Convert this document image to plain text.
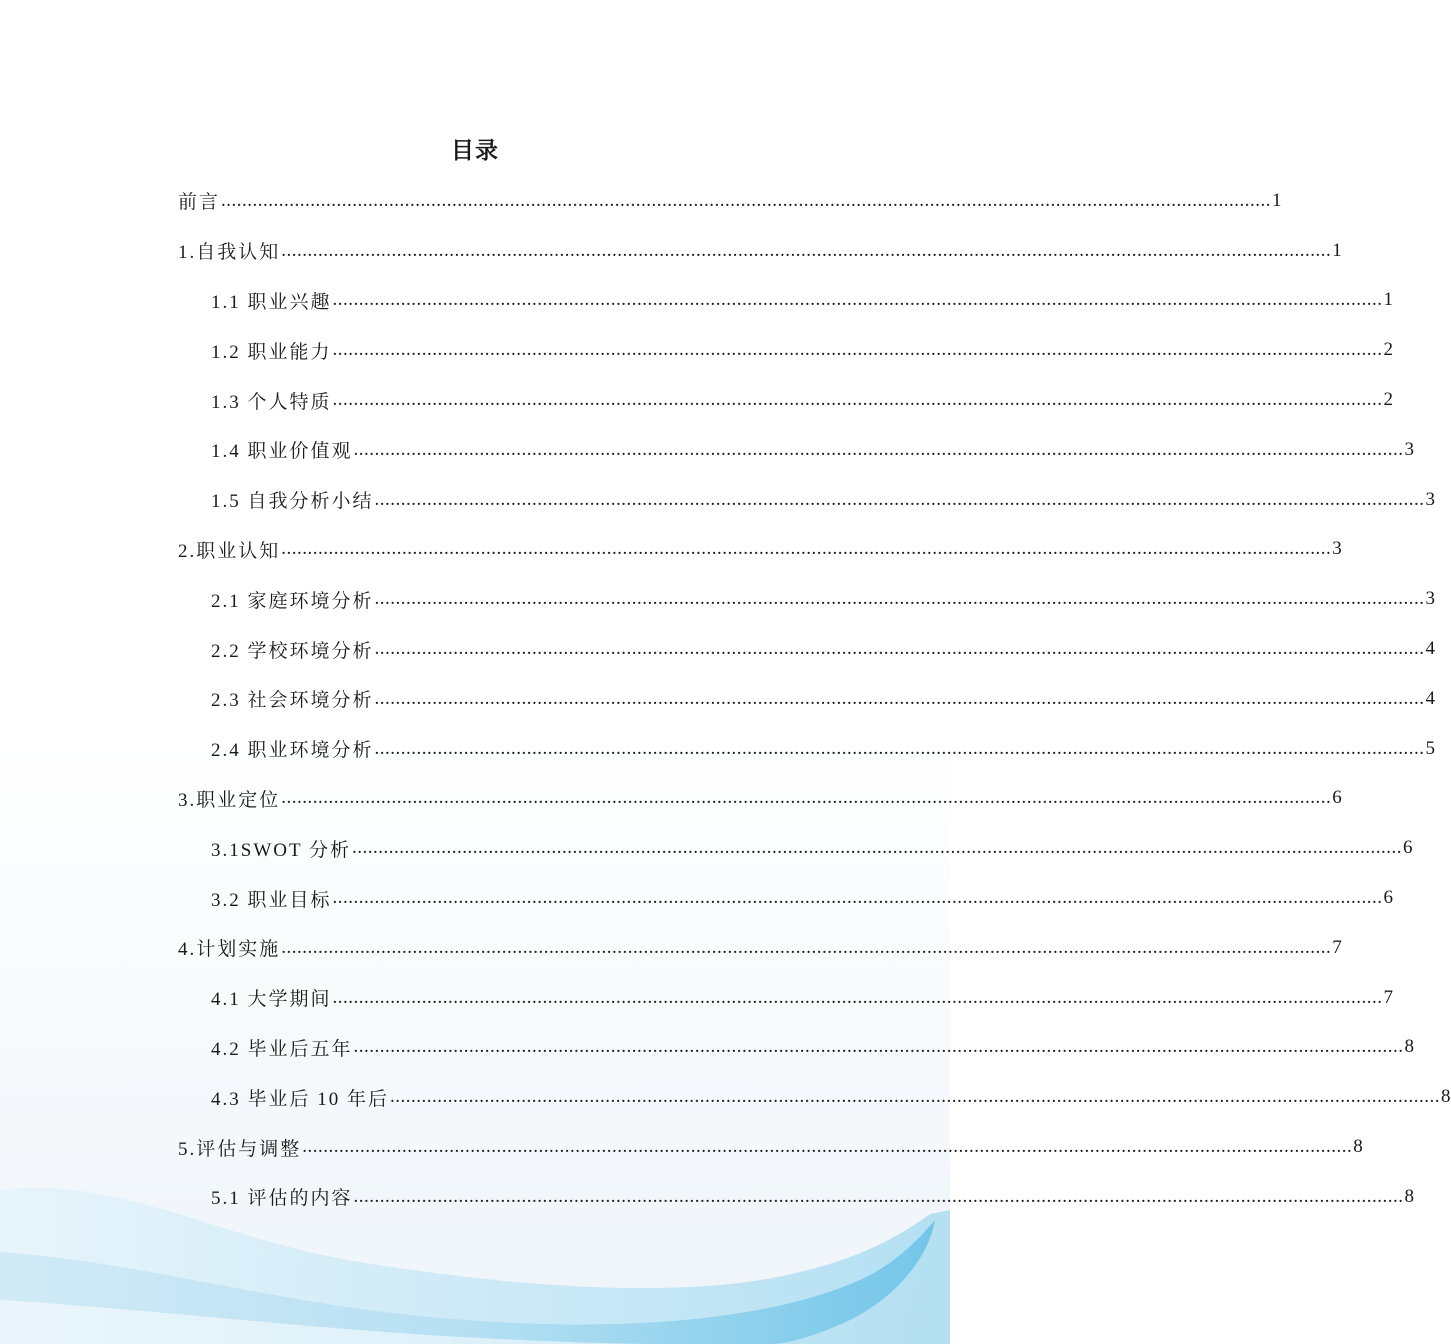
目录
前言 ........................................................................................................................................................................................................ 1
1.自我认知 ........................................................................................................................................................................................................ 1
1.1 职业兴趣 ........................................................................................................................................................................................................ 1
1.2 职业能力 ........................................................................................................................................................................................................ 2
1.3 个人特质 ........................................................................................................................................................................................................ 2
1.4 职业价值观 ........................................................................................................................................................................................................ 3
1.5 自我分析小结 ........................................................................................................................................................................................................ 3
2.职业认知 ........................................................................................................................................................................................................ 3
2.1 家庭环境分析 ........................................................................................................................................................................................................ 3
2.2 学校环境分析 ........................................................................................................................................................................................................ 4
2.3 社会环境分析 ........................................................................................................................................................................................................ 4
2.4 职业环境分析 ........................................................................................................................................................................................................ 5
3.职业定位 ........................................................................................................................................................................................................ 6
3.1SWOT 分析 ........................................................................................................................................................................................................ 6
3.2 职业目标 ........................................................................................................................................................................................................ 6
4.计划实施 ........................................................................................................................................................................................................ 7
4.1 大学期间 ........................................................................................................................................................................................................ 7
4.2 毕业后五年 ........................................................................................................................................................................................................ 8
4.3 毕业后 10 年后 ........................................................................................................................................................................................................ 8
5.评估与调整 ........................................................................................................................................................................................................ 8
5.1 评估的内容 ........................................................................................................................................................................................................ 8
